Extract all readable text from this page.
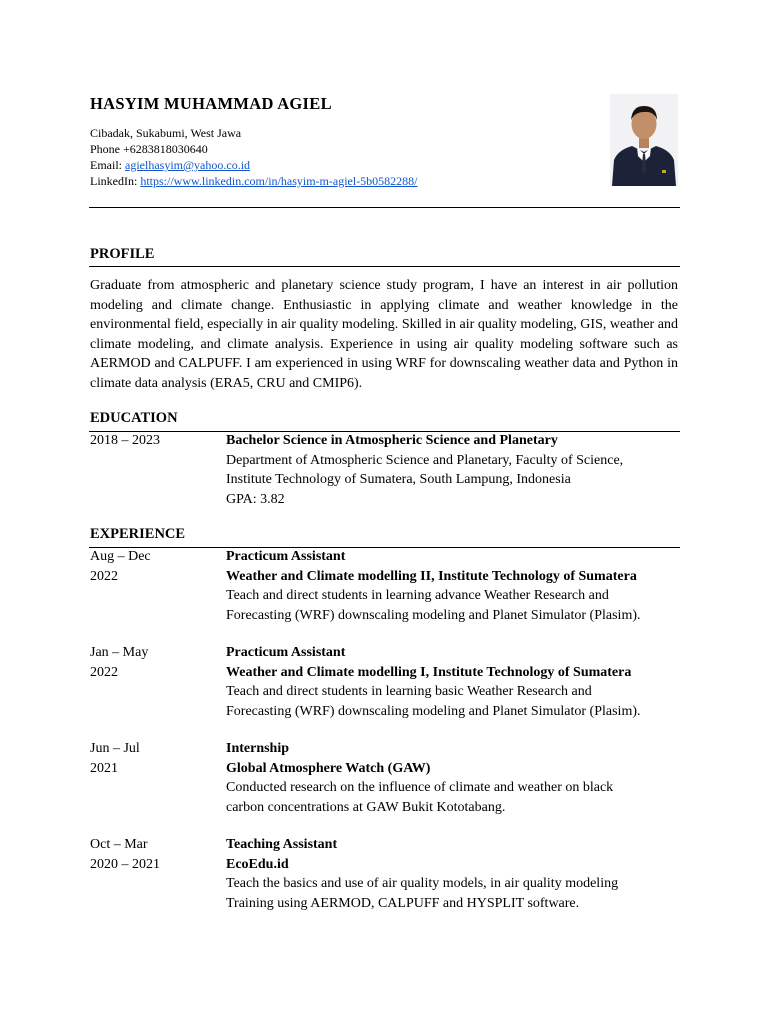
HASYIM MUHAMMAD AGIEL
Cibadak, Sukabumi, West Jawa
Phone +6283818030640
Email: agielhasyim@yahoo.co.id
LinkedIn: https://www.linkedin.com/in/hasyim-m-agiel-5b0582288/
PROFILE
Graduate from atmospheric and planetary science study program, I have an interest in air pollution modeling and climate change. Enthusiastic in applying climate and weather knowledge in the environmental field, especially in air quality modeling. Skilled in air quality modeling, GIS, weather and climate modeling, and climate analysis. Experience in using air quality modeling software such as AERMOD and CALPUFF. I am experienced in using WRF for downscaling weather data and Python in climate data analysis (ERA5, CRU and CMIP6).
EDUCATION
2018 – 2023	Bachelor Science in Atmospheric Science and Planetary
Department of Atmospheric Science and Planetary, Faculty of Science,
Institute Technology of Sumatera, South Lampung, Indonesia
GPA: 3.82
EXPERIENCE
Aug – Dec
2022
Practicum Assistant
Weather and Climate modelling II, Institute Technology of Sumatera
Teach and direct students in learning advance Weather Research and
Forecasting (WRF) downscaling modeling and Planet Simulator (Plasim).
Jan – May
2022
Practicum Assistant
Weather and Climate modelling I, Institute Technology of Sumatera
Teach and direct students in learning basic Weather Research and
Forecasting (WRF) downscaling modeling and Planet Simulator (Plasim).
Jun – Jul
2021
Internship
Global Atmosphere Watch (GAW)
Conducted research on the influence of climate and weather on black
carbon concentrations at GAW Bukit Kototabang.
Oct – Mar
2020 – 2021
Teaching Assistant
EcoEdu.id
Teach the basics and use of air quality models, in air quality modeling
Training using AERMOD, CALPUFF and HYSPLIT software.
